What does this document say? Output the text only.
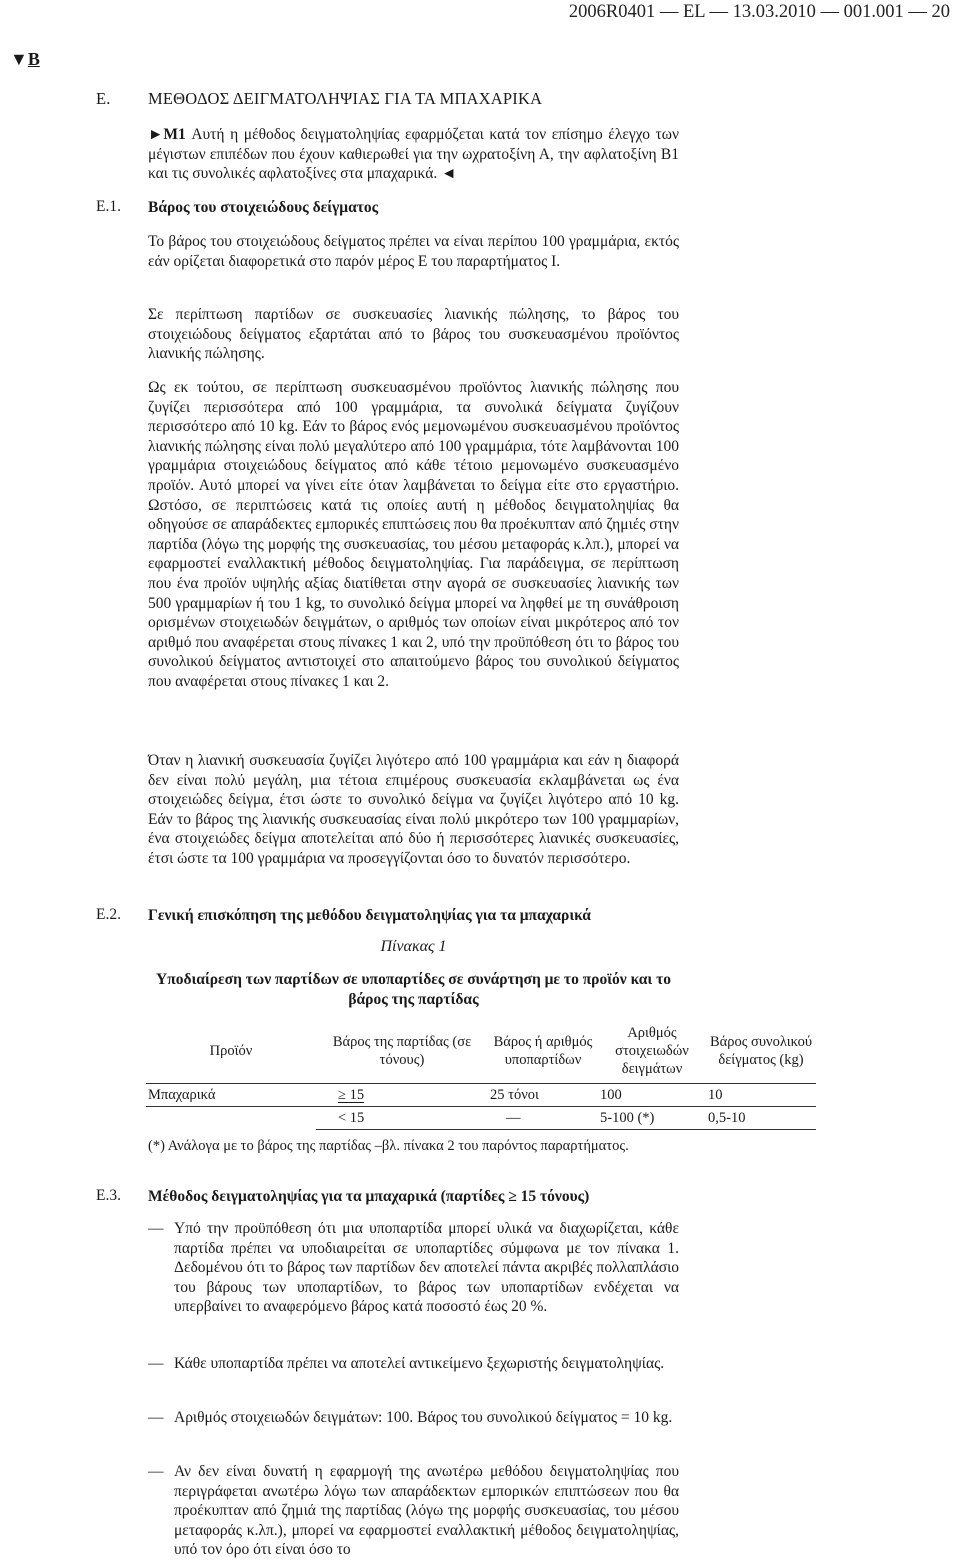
2006R0401 — EL — 13.03.2010 — 001.001 — 20
▼B
Ε. ΜΕΘΟΔΟΣ ΔΕΙΓΜΑΤΟΛΗΨΙΑΣ ΓΙΑ ΤΑ ΜΠΑΧΑΡΙΚΑ
►M1 Αυτή η μέθοδος δειγματοληψίας εφαρμόζεται κατά τον επίσημο έλεγχο των μέγιστων επιπέδων που έχουν καθιερωθεί για την ωχρατοξίνη Α, την αφλατοξίνη Β1 και τις συνολικές αφλατοξίνες στα μπαχαρικά. ◄
Ε.1. Βάρος του στοιχειώδους δείγματος
Το βάρος του στοιχειώδους δείγματος πρέπει να είναι περίπου 100 γραμμάρια, εκτός εάν ορίζεται διαφορετικά στο παρόν μέρος Ε του παραρτήματος Ι.
Σε περίπτωση παρτίδων σε συσκευασίες λιανικής πώλησης, το βάρος του στοιχειώδους δείγματος εξαρτάται από το βάρος του συσκευασμένου προϊόντος λιανικής πώλησης.
Ως εκ τούτου, σε περίπτωση συσκευασμένου προϊόντος λιανικής πώλησης που ζυγίζει περισσότερα από 100 γραμμάρια, τα συνολικά δείγματα ζυγίζουν περισσότερο από 10 kg. Εάν το βάρος ενός μεμονωμένου συσκευασμένου προϊόντος λιανικής πώλησης είναι πολύ μεγαλύτερο από 100 γραμμάρια, τότε λαμβάνονται 100 γραμμάρια στοιχειώδους δείγματος από κάθε τέτοιο μεμονωμένο συσκευασμένο προϊόν. Αυτό μπορεί να γίνει είτε όταν λαμβάνεται το δείγμα είτε στο εργαστήριο. Ωστόσο, σε περιπτώσεις κατά τις οποίες αυτή η μέθοδος δειγματοληψίας θα οδηγούσε σε απαράδεκτες εμπορικές επιπτώσεις που θα προέκυπταν από ζημιές στην παρτίδα (λόγω της μορφής της συσκευασίας, του μέσου μεταφοράς κ.λπ.), μπορεί να εφαρμοστεί εναλλακτική μέθοδος δειγματοληψίας. Για παράδειγμα, σε περίπτωση που ένα προϊόν υψηλής αξίας διατίθεται στην αγορά σε συσκευασίες λιανικής των 500 γραμμαρίων ή του 1 kg, το συνολικό δείγμα μπορεί να ληφθεί με τη συνάθροιση ορισμένων στοιχειωδών δειγμάτων, ο αριθμός των οποίων είναι μικρότερος από τον αριθμό που αναφέρεται στους πίνακες 1 και 2, υπό την προϋπόθεση ότι το βάρος του συνολικού δείγματος αντιστοιχεί στο απαιτούμενο βάρος του συνολικού δείγματος που αναφέρεται στους πίνακες 1 και 2.
Όταν η λιανική συσκευασία ζυγίζει λιγότερο από 100 γραμμάρια και εάν η διαφορά δεν είναι πολύ μεγάλη, μια τέτοια επιμέρους συσκευασία εκλαμβάνεται ως ένα στοιχειώδες δείγμα, έτσι ώστε το συνολικό δείγμα να ζυγίζει λιγότερο από 10 kg. Εάν το βάρος της λιανικής συσκευασίας είναι πολύ μικρότερο των 100 γραμμαρίων, ένα στοιχειώδες δείγμα αποτελείται από δύο ή περισσότερες λιανικές συσκευασίες, έτσι ώστε τα 100 γραμμάρια να προσεγγίζονται όσο το δυνατόν περισσότερο.
Ε.2. Γενική επισκόπηση της μεθόδου δειγματοληψίας για τα μπαχαρικά
Πίνακας 1
Υποδιαίρεση των παρτίδων σε υποπαρτίδες σε συνάρτηση με το προϊόν και το βάρος της παρτίδας
Προϊόν	Βάρος της παρτίδας (σε τόνους)	Βάρος ή αριθμός υποπαρτίδων	Αριθμός στοιχειωδών δειγμάτων	Βάρος συνολικού δείγματος (kg)
Μπαχαρικά	≥ 15	25 τόνοι	100	10
	< 15	—	5-100 (*)	0,5-10
(*) Ανάλογα με το βάρος της παρτίδας –βλ. πίνακα 2 του παρόντος παραρτήματος.
Ε.3. Μέθοδος δειγματοληψίας για τα μπαχαρικά (παρτίδες ≥ 15 τόνους)
— Υπό την προϋπόθεση ότι μια υποπαρτίδα μπορεί υλικά να διαχωρίζεται, κάθε παρτίδα πρέπει να υποδιαιρείται σε υποπαρτίδες σύμφωνα με τον πίνακα 1. Δεδομένου ότι το βάρος των παρτίδων δεν αποτελεί πάντα ακριβές πολλαπλάσιο του βάρους των υποπαρτίδων, το βάρος των υποπαρτίδων ενδέχεται να υπερβαίνει το αναφερόμενο βάρος κατά ποσοστό έως 20 %.
— Κάθε υποπαρτίδα πρέπει να αποτελεί αντικείμενο ξεχωριστής δειγματοληψίας.
— Αριθμός στοιχειωδών δειγμάτων: 100. Βάρος του συνολικού δείγματος = 10 kg.
— Αν δεν είναι δυνατή η εφαρμογή της ανωτέρω μεθόδου δειγματοληψίας που περιγράφεται ανωτέρω λόγω των απαράδεκτων εμπορικών επιπτώσεων που θα προέκυπταν από ζημιά της παρτίδας (λόγω της μορφής συσκευασίας, του μέσου μεταφοράς κ.λπ.), μπορεί να εφαρμοστεί εναλλακτική μέθοδος δειγματοληψίας, υπό τον όρο ότι είναι όσο το
